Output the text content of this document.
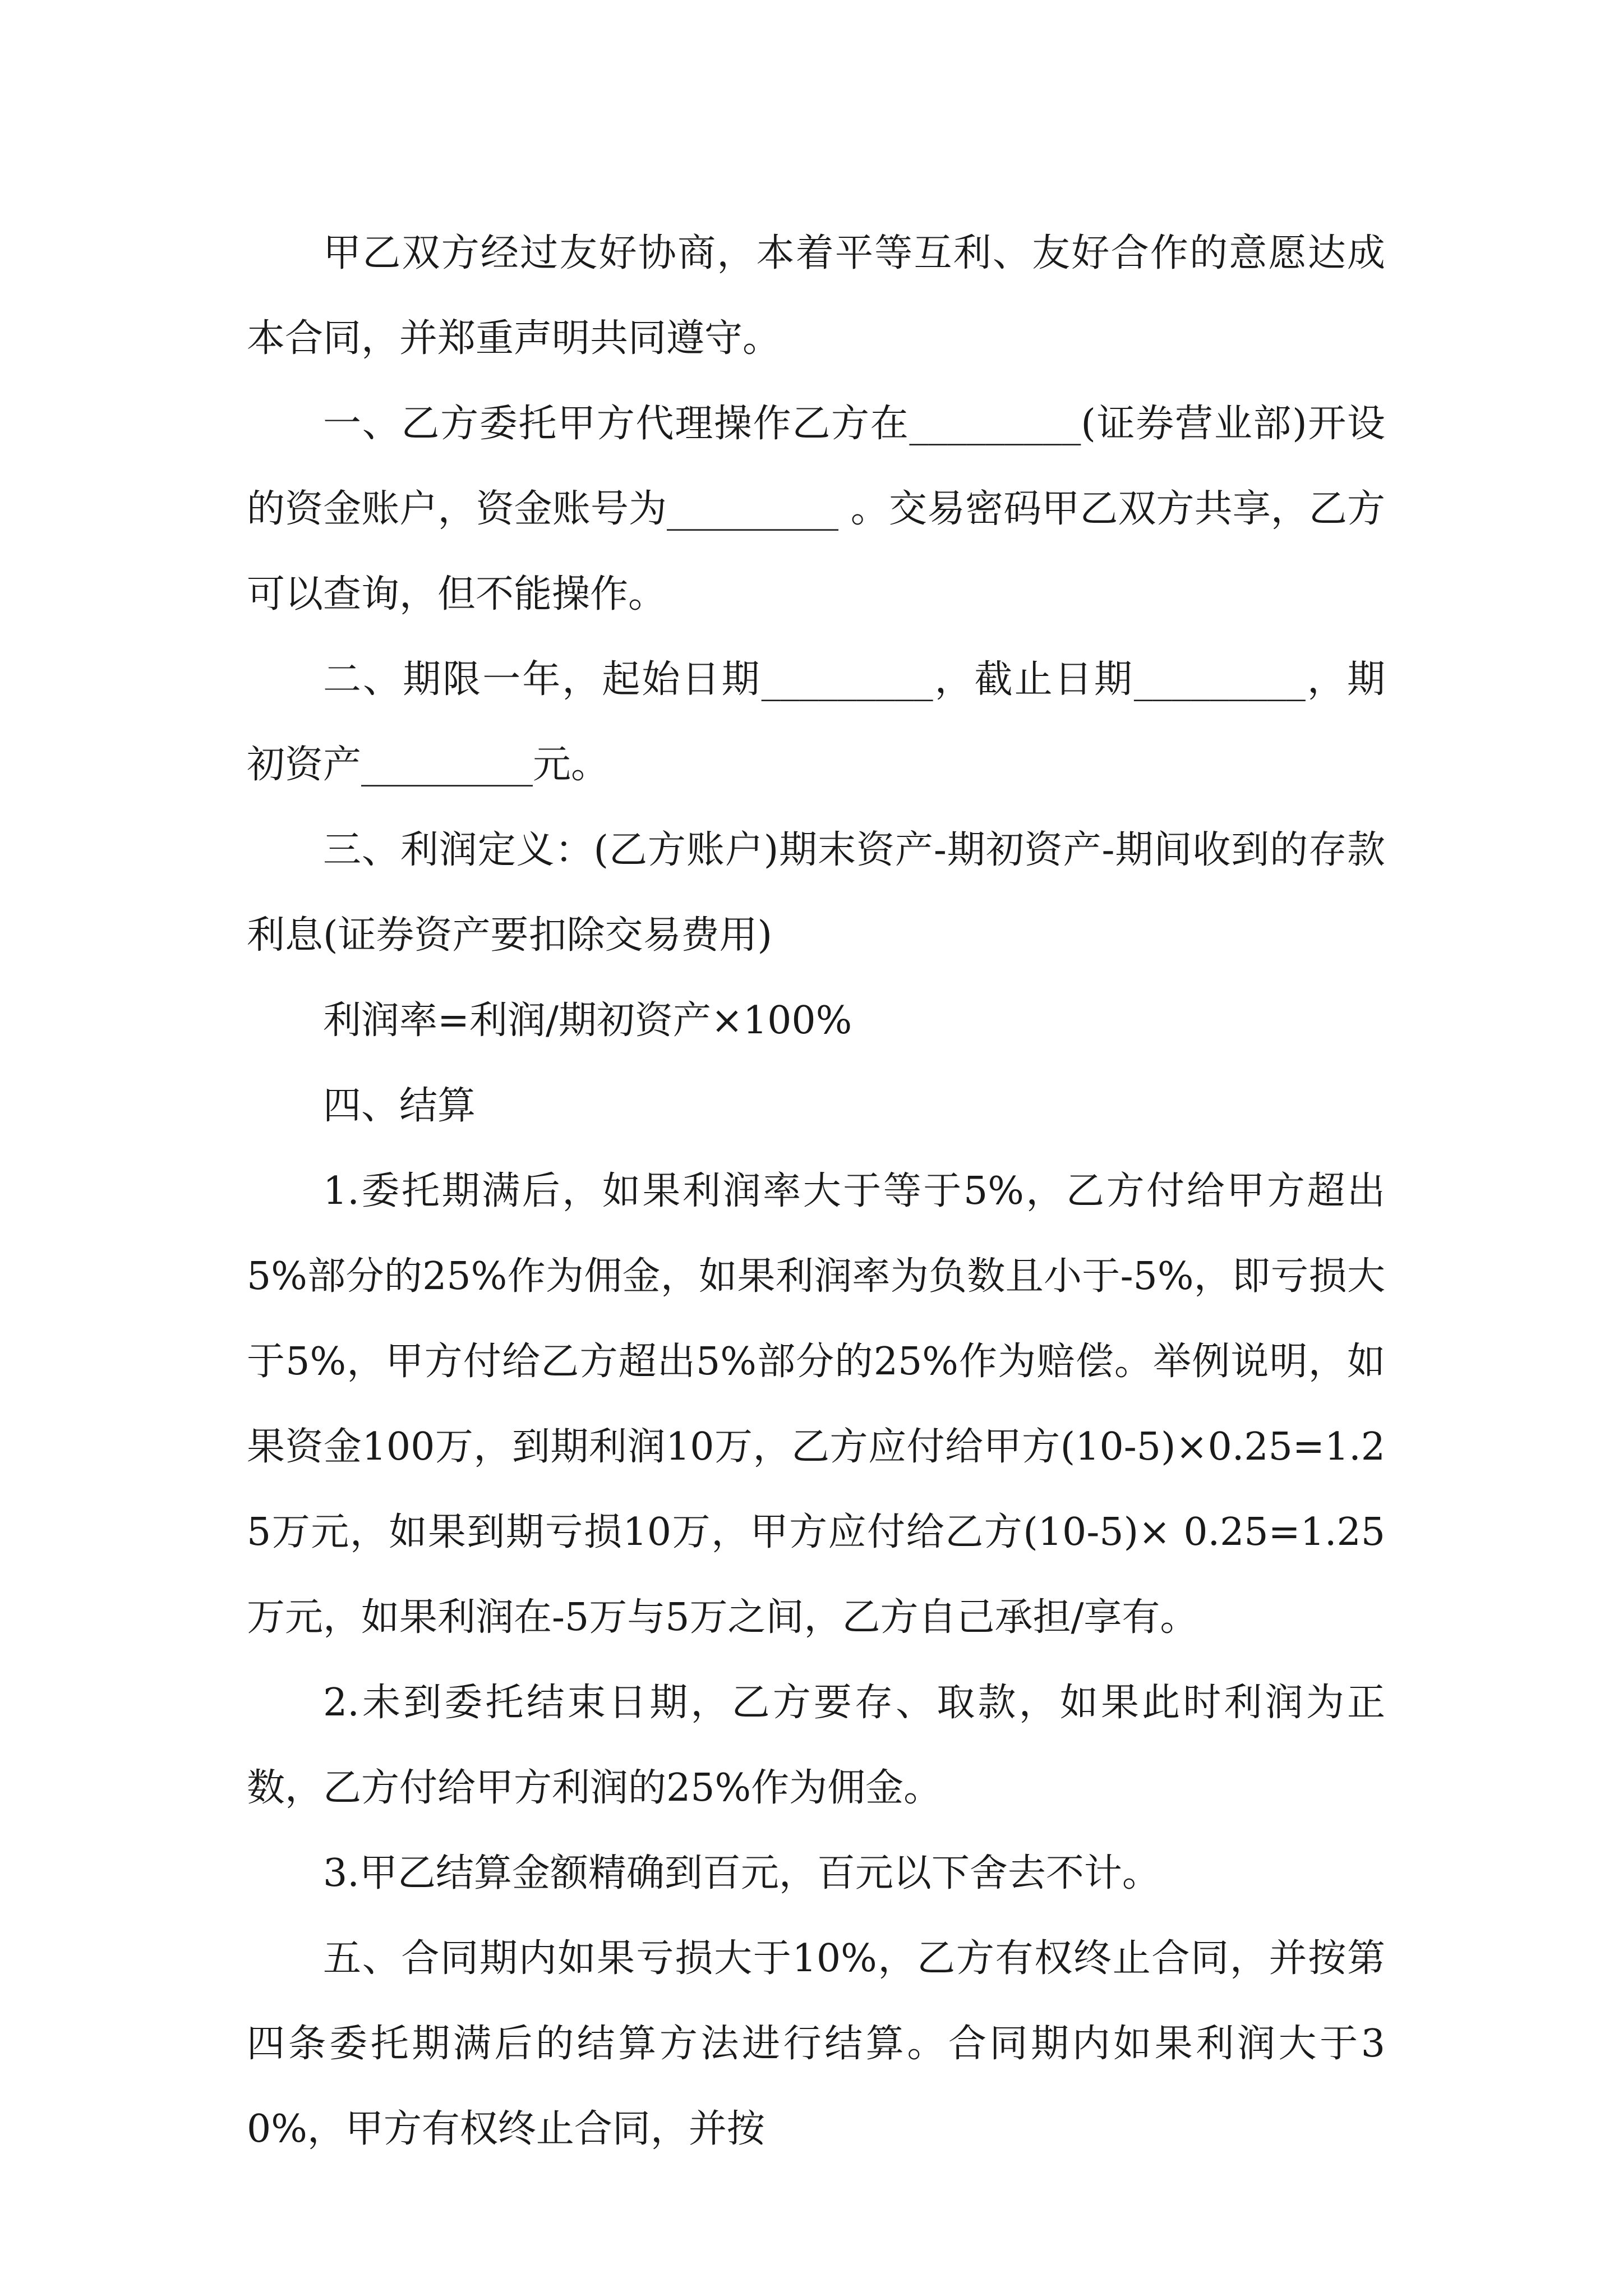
甲乙双方经过友好协商，本着平等互利、友好合作的意愿达成本合同，并郑重声明共同遵守。

一、乙方委托甲方代理操作乙方在_________(证券营业部)开设的资金账户，资金账号为_________ 。交易密码甲乙双方共享，乙方可以查询，但不能操作。

二、期限一年，起始日期_________，截止日期_________，期初资产_________元。

三、利润定义：(乙方账户)期末资产-期初资产-期间收到的存款利息(证券资产要扣除交易费用)

利润率=利润/期初资产×100%

四、结算

1.委托期满后，如果利润率大于等于5%，乙方付给甲方超出5%部分的25%作为佣金，如果利润率为负数且小于-5%，即亏损大于5%，甲方付给乙方超出5%部分的25%作为赔偿。举例说明，如果资金100万，到期利润10万，乙方应付给甲方(10-5)×0.25=1.25万元，如果到期亏损10万，甲方应付给乙方(10-5)× 0.25=1.25万元，如果利润在-5万与5万之间，乙方自己承担/享有。

2.未到委托结束日期，乙方要存、取款，如果此时利润为正数，乙方付给甲方利润的25%作为佣金。

3.甲乙结算金额精确到百元，百元以下舍去不计。

五、合同期内如果亏损大于10%，乙方有权终止合同，并按第四条委托期满后的结算方法进行结算。合同期内如果利润大于30%，甲方有权终止合同，并按
